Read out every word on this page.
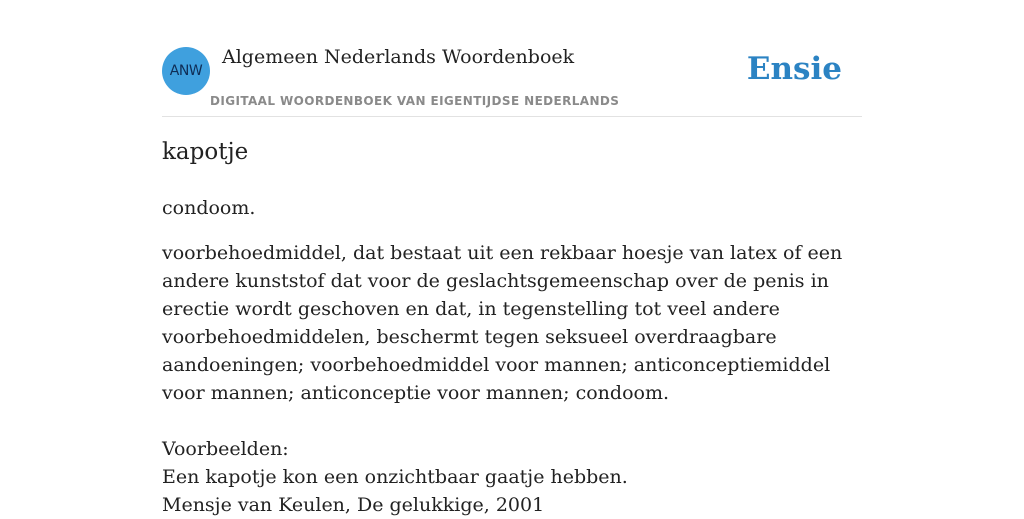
ANW
Algemeen Nederlands Woordenboek
DIGITAAL WOORDENBOEK VAN EIGENTIJDSE NEDERLANDS
Ensie
kapotje

condoom.

voorbehoedmiddel, dat bestaat uit een rekbaar hoesje van latex of een andere kunststof dat voor de geslachtsgemeenschap over de penis in erectie wordt geschoven en dat, in tegenstelling tot veel andere voorbehoedmiddelen, beschermt tegen seksueel overdraagbare aandoeningen; voorbehoedmiddel voor mannen; anticonceptiemiddel voor mannen; anticonceptie voor mannen; condoom.

Voorbeelden:
Een kapotje kon een onzichtbaar gaatje hebben.
Mensje van Keulen, De gelukkige, 2001
